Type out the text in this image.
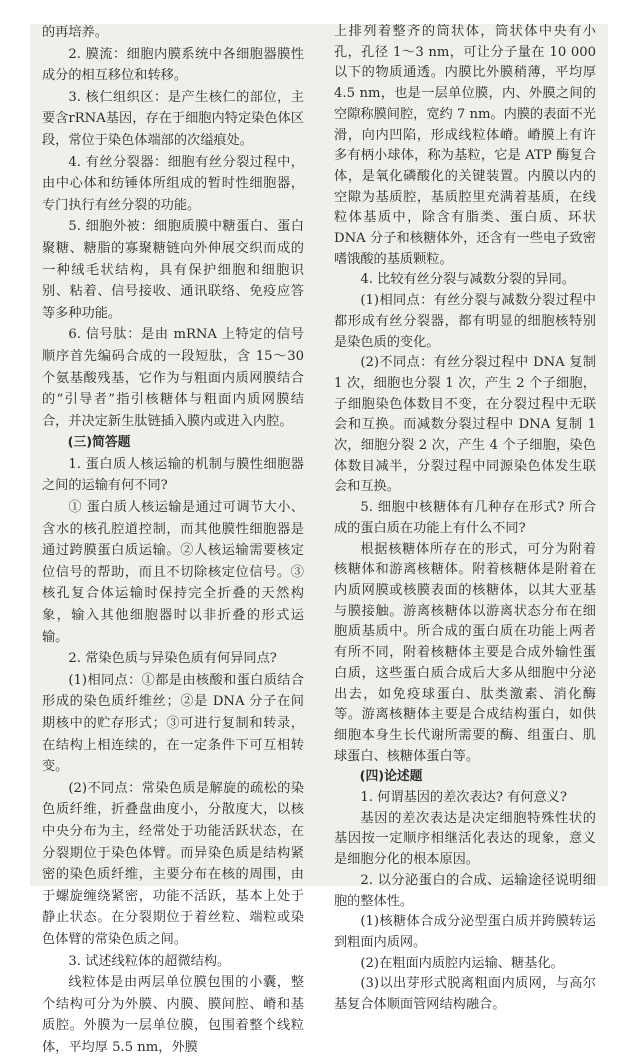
的再培养。

2. 膜流：细胞内膜系统中各细胞器膜性成分的相互移位和转移。

3. 核仁组织区：是产生核仁的部位，主要含rRNA基因，存在于细胞内特定染色体区段，常位于染色体端部的次缢痕处。

4. 有丝分裂器：细胞有丝分裂过程中，由中心体和纺锤体所组成的暂时性细胞器，专门执行有丝分裂的功能。

5. 细胞外被：细胞质膜中糖蛋白、蛋白聚糖、糖脂的寡聚糖链向外伸展交织而成的一种绒毛状结构，具有保护细胞和细胞识别、粘着、信号接收、通讯联络、免疫应答等多种功能。

6. 信号肽：是由 mRNA 上特定的信号顺序首先编码合成的一段短肽，含 15～30 个氨基酸残基，它作为与粗面内质网膜结合的“引导者”指引核糖体与粗面内质网膜结合，并决定新生肽链插入膜内或进入内腔。

(三)简答题

1. 蛋白质人核运输的机制与膜性细胞器之间的运输有何不同?

① 蛋白质人核运输是通过可调节大小、含水的核孔腔道控制，而其他膜性细胞器是通过跨膜蛋白质运输。②人核运输需要核定位信号的帮助，而且不切除核定位信号。③核孔复合体运输时保持完全折叠的天然构象，输入其他细胞器时以非折叠的形式运输。

2. 常染色质与异染色质有何异同点?

(1)相同点：①都是由核酸和蛋白质结合形成的染色质纤维丝；②是 DNA 分子在间期核中的贮存形式；③可进行复制和转录，在结构上相连续的，在一定条件下可互相转变。

(2)不同点：常染色质是解旋的疏松的染色质纤维，折叠盘曲度小，分散度大，以核中央分布为主，经常处于功能活跃状态，在分裂期位于染色体臂。而异染色质是结构紧密的染色质纤维，主要分布在核的周围，由于螺旋缠绕紧密，功能不活跃，基本上处于静止状态。在分裂期位于着丝粒、端粒或染色体臂的常染色质之间。

3. 试述线粒体的超微结构。

线粒体是由两层单位膜包围的小囊，整个结构可分为外膜、内膜、膜间腔、嵴和基质腔。外膜为一层单位膜，包围着整个线粒体，平均厚 5.5 nm，外膜

上排列着整齐的筒状体，筒状体中央有小孔，孔径 1～3 nm，可让分子量在 10 000 以下的物质通透。内膜比外膜稍薄，平均厚 4.5 nm，也是一层单位膜，内、外膜之间的空隙称膜间腔，宽约 7 nm。内膜的表面不光滑，向内凹陷，形成线粒体嵴。嵴膜上有许多有柄小球体，称为基粒，它是 ATP 酶复合体，是氧化磷酸化的关键装置。内膜以内的空隙为基质腔，基质腔里充满着基质，在线粒体基质中，除含有脂类、蛋白质、环状 DNA 分子和核糖体外，还含有一些电子致密嗜饿酸的基质颗粒。

4. 比较有丝分裂与减数分裂的异同。

(1)相同点：有丝分裂与减数分裂过程中都形成有丝分裂器，都有明显的细胞核特别是染色质的变化。

(2)不同点：有丝分裂过程中 DNA 复制 1 次，细胞也分裂 1 次，产生 2 个子细胞，子细胞染色体数目不变，在分裂过程中无联会和互换。而减数分裂过程中 DNA 复制 1 次，细胞分裂 2 次，产生 4 个子细胞，染色体数目减半，分裂过程中同源染色体发生联会和互换。

5. 细胞中核糖体有几种存在形式? 所合成的蛋白质在功能上有什么不同?

根据核糖体所存在的形式，可分为附着核糖体和游离核糖体。附着核糖体是附着在内质网膜或核膜表面的核糖体，以其大亚基与膜接触。游离核糖体以游离状态分布在细胞质基质中。所合成的蛋白质在功能上两者有所不同，附着核糖体主要是合成外输性蛋白质，这些蛋白质合成后大多从细胞中分泌出去，如免疫球蛋白、肽类激素、消化酶等。游离核糖体主要是合成结构蛋白，如供细胞本身生长代谢所需要的酶、组蛋白、肌球蛋白、核糖体蛋白等。

(四)论述题

1. 何谓基因的差次表达? 有何意义?

基因的差次表达是决定细胞特殊性状的基因按一定顺序相继活化表达的现象，意义是细胞分化的根本原因。

2. 以分泌蛋白的合成、运输途径说明细胞的整体性。

(1)核糖体合成分泌型蛋白质并跨膜转运到粗面内质网。

(2)在粗面内质腔内运输、糖基化。

(3)以出芽形式脱离粗面内质网，与高尔基复合体顺面管网结构融合。
